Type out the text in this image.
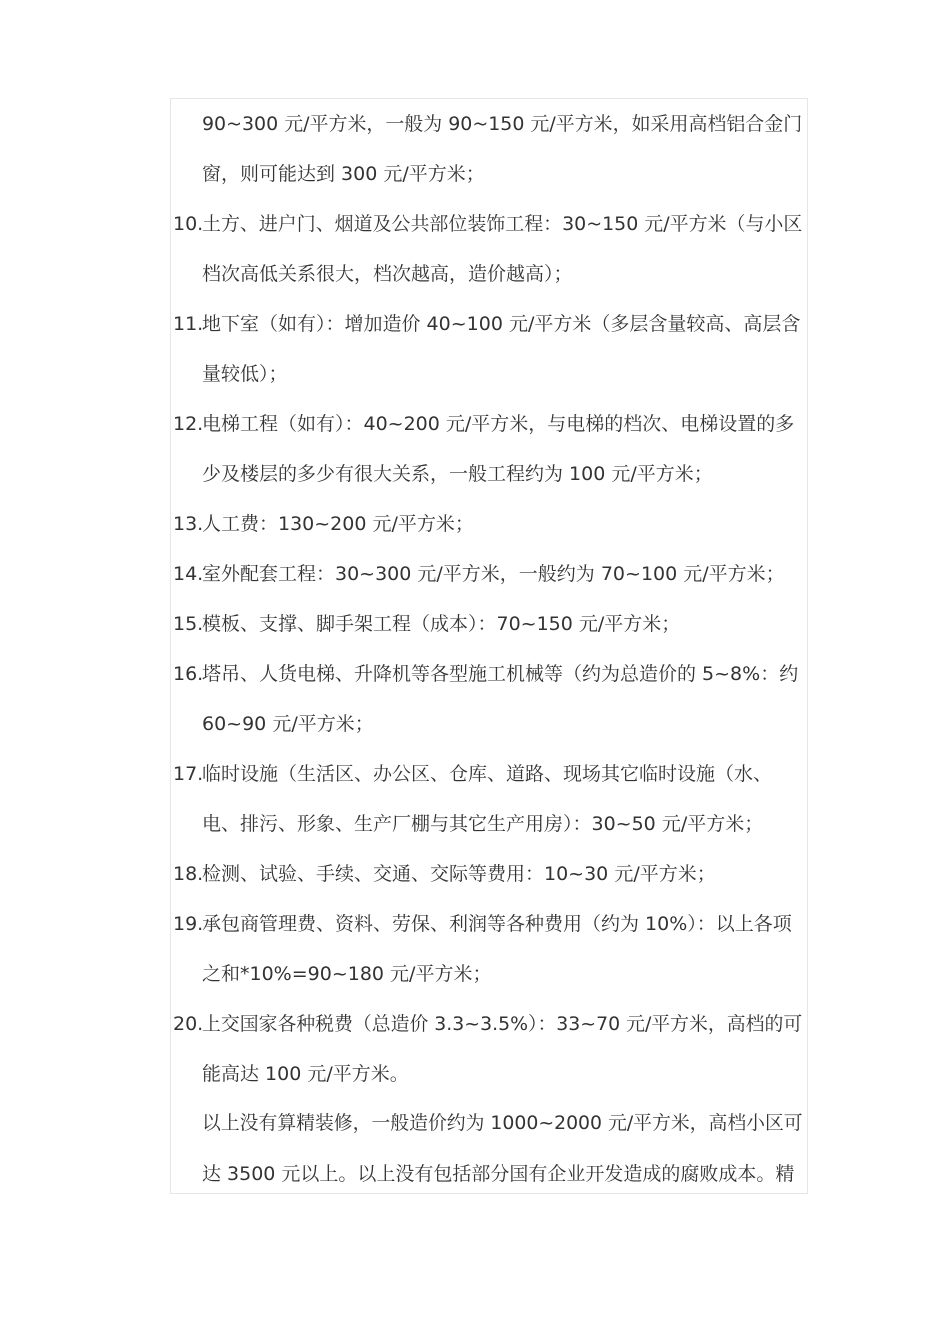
90~300 元/平方米，一般为 90~150 元/平方米，如采用高档铝合金门
窗，则可能达到 300 元/平方米；
10.
土方、进户门、烟道及公共部位装饰工程：30~150 元/平方米（与小区
档次高低关系很大，档次越高，造价越高）；
11.
地下室（如有）：增加造价 40~100 元/平方米（多层含量较高、高层含
量较低）；
12.
电梯工程（如有）：40~200 元/平方米，与电梯的档次、电梯设置的多
少及楼层的多少有很大关系，一般工程约为 100 元/平方米；
13.
人工费：130~200 元/平方米；
14.
室外配套工程：30~300 元/平方米，一般约为 70~100 元/平方米；
15.
模板、支撑、脚手架工程（成本）：70~150 元/平方米；
16.
塔吊、人货电梯、升降机等各型施工机械等（约为总造价的 5~8%：约
60~90 元/平方米；
17.
临时设施（生活区、办公区、仓库、道路、现场其它临时设施（水、
电、排污、形象、生产厂棚与其它生产用房）：30~50 元/平方米；
18.
检测、试验、手续、交通、交际等费用：10~30 元/平方米；
19.
承包商管理费、资料、劳保、利润等各种费用（约为 10%）：以上各项
之和*10%=90~180 元/平方米；
20.
上交国家各种税费（总造价 3.3~3.5%）：33~70 元/平方米，高档的可
能高达 100 元/平方米。
以上没有算精装修，一般造价约为 1000~2000 元/平方米，高档小区可
达 3500 元以上。以上没有包括部分国有企业开发造成的腐败成本。精
